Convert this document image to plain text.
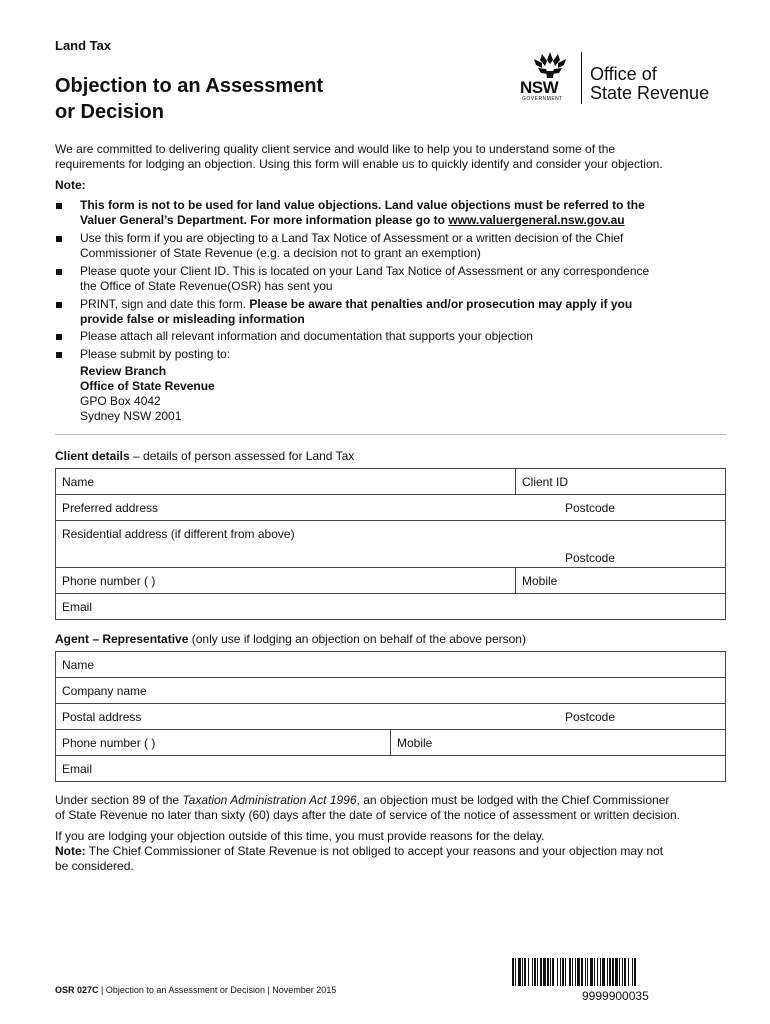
Land Tax
Objection to an Assessment
or Decision
NSW
GOVERNMENT
Office of
State Revenue
We are committed to delivering quality client service and would like to help you to understand some of the
requirements for lodging an objection. Using this form will enable us to quickly identify and consider your objection.
Note:
This form is not to be used for land value objections. Land value objections must be referred to the
Valuer General’s Department. For more information please go to www.valuergeneral.nsw.gov.au
Use this form if you are objecting to a Land Tax Notice of Assessment or a written decision of the Chief
Commissioner of State Revenue (e.g. a decision not to grant an exemption)
Please quote your Client ID. This is located on your Land Tax Notice of Assessment or any correspondence
the Office of State Revenue(OSR) has sent you
PRINT, sign and date this form. Please be aware that penalties and/or prosecution may apply if you
provide false or misleading information
Please attach all relevant information and documentation that supports your objection
Please submit by posting to:
Review Branch
Office of State Revenue
GPO Box 4042
Sydney NSW 2001
Client details – details of person assessed for Land Tax
Name	Client ID
Preferred address Postcode	

Residential address (if different from above)
Postcode	

Phone number ( )	Mobile
Email	
Agent – Representative (only use if lodging an objection on behalf of the above person)
Name
Company name
Postal address	Postcode

Phone number ( )	Mobile
Email
Under section 89 of the Taxation Administration Act 1996, an objection must be lodged with the Chief Commissioner
of State Revenue no later than sixty (60) days after the date of service of the notice of assessment or written decision.
If you are lodging your objection outside of this time, you must provide reasons for the delay.
Note: The Chief Commissioner of State Revenue is not obliged to accept your reasons and your objection may not
be considered.
OSR 027C | Objection to an Assessment or Decision | November 2015	9999900035
